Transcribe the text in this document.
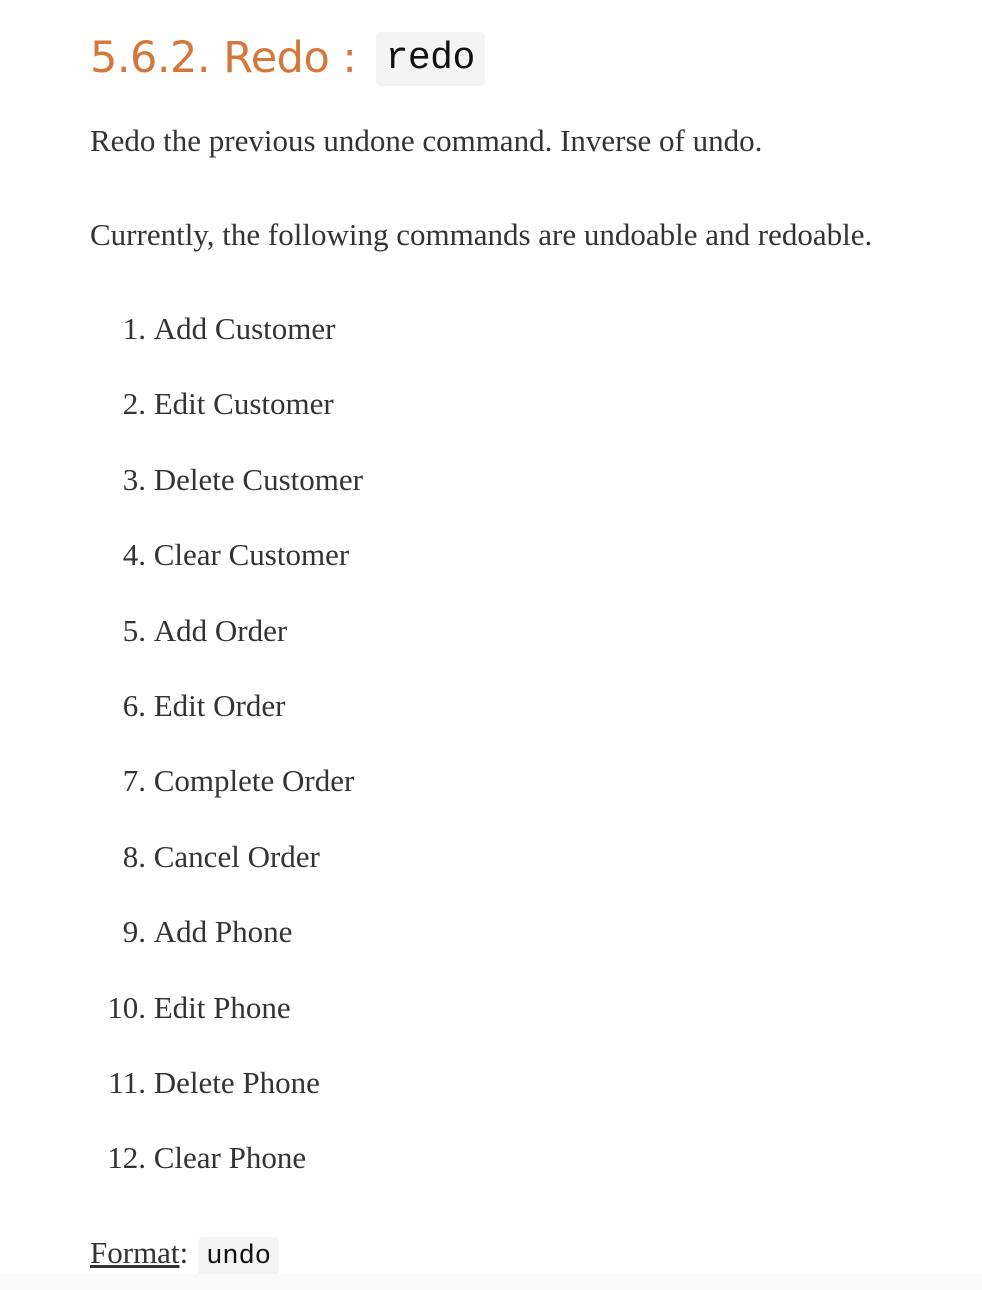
5.6.2. Redo : redo

Redo the previous undone command. Inverse of undo.

Currently, the following commands are undoable and redoable.

1. Add Customer
2. Edit Customer
3. Delete Customer
4. Clear Customer
5. Add Order
6. Edit Order
7. Complete Order
8. Cancel Order
9. Add Phone
10. Edit Phone
11. Delete Phone
12. Clear Phone

Format: undo
